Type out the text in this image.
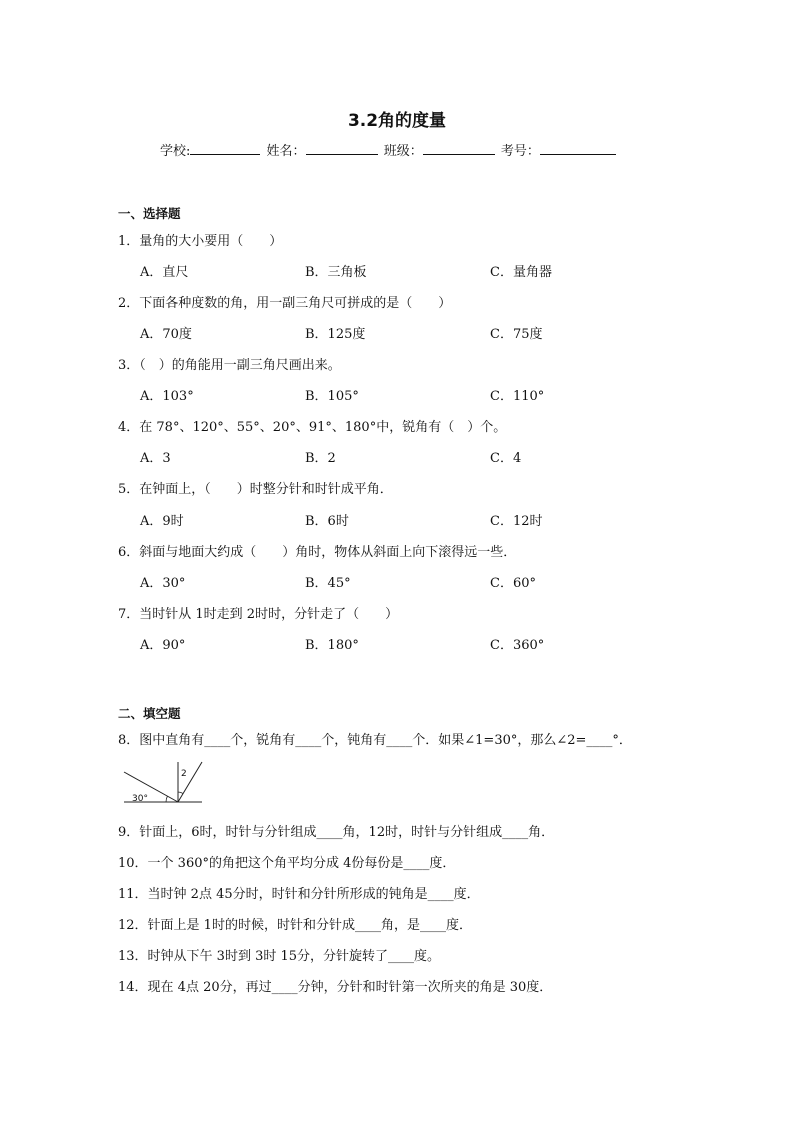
3.2角的度量
学校:	姓名：	班级：	考号：
一、选择题
1．量角的大小要用（　　）
A．直尺	B．三角板	C．量角器
2．下面各种度数的角，用一副三角尺可拼成的是（　　）
A．70度	B．125度	C．75度
3．（　）的角能用一副三角尺画出来。
A．103°	B．105°	C．110°
4．在 78°、120°、55°、20°、91°、180°中，锐角有（　）个。
A．3	B．2	C．4
5．在钟面上，（　　）时整分针和时针成平角．
A．9时	B．6时	C．12时
6．斜面与地面大约成（　　）角时，物体从斜面上向下滚得远一些．
A．30°	B．45°	C．60°
7．当时针从 1时走到 2时时，分针走了（　　）
A．90°	B．180°	C．360°
二、填空题
8．图中直角有____个，锐角有____个，钝角有____个．如果∠1=30°，那么∠2=____°．
30°
2
9．针面上，6时，时针与分针组成____角，12时，时针与分针组成____角．
10．一个 360°的角把这个角平均分成 4份每份是____度．
11．当时钟 2点 45分时，时针和分针所形成的钝角是____度．
12．针面上是 1时的时候，时针和分针成____角，是____度．
13．时钟从下午 3时到 3时 15分，分针旋转了____度。
14．现在 4点 20分，再过____分钟，分针和时针第一次所夹的角是 30度．
